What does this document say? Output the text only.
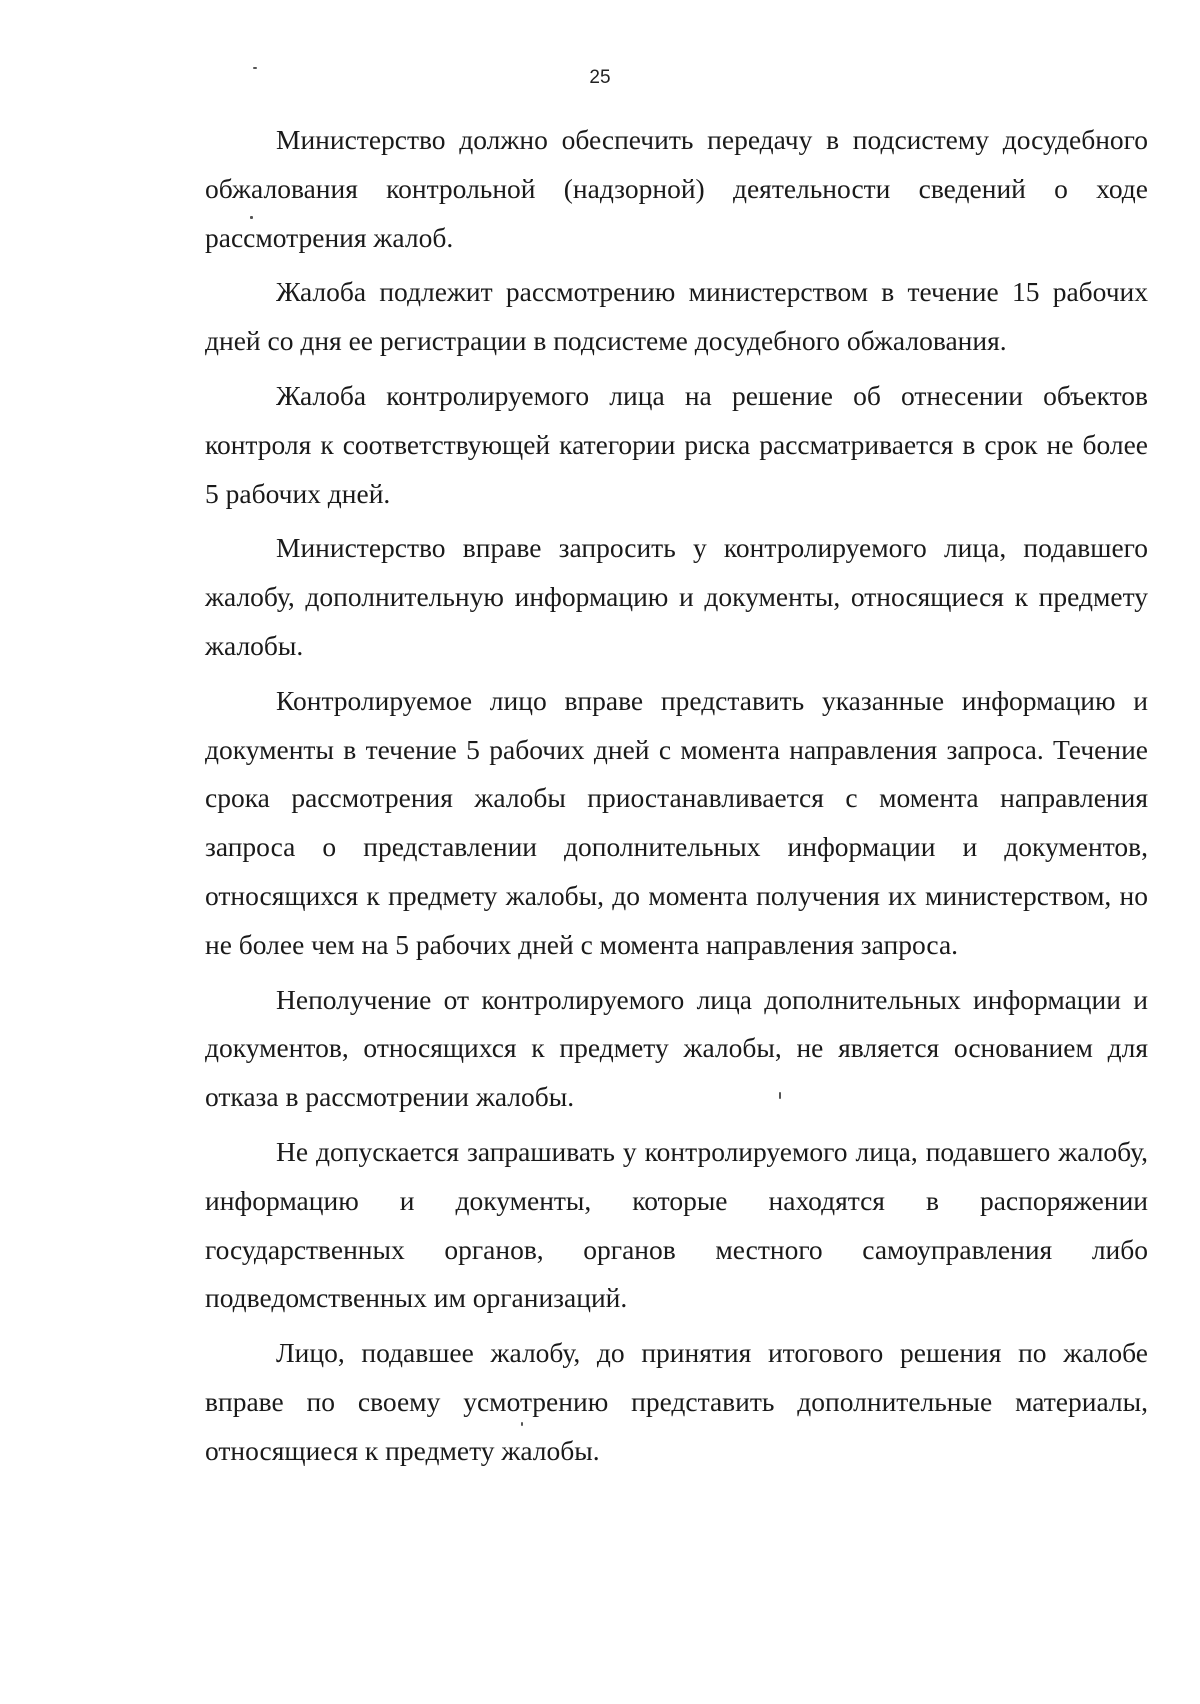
25

Министерство должно обеспечить передачу в подсистему досудебного обжалования контрольной (надзорной) деятельности сведений о ходе рассмотрения жалоб.

Жалоба подлежит рассмотрению министерством в течение 15 рабочих дней со дня ее регистрации в подсистеме досудебного обжалования.

Жалоба контролируемого лица на решение об отнесении объектов контроля к соответствующей категории риска рассматривается в срок не более 5 рабочих дней.

Министерство вправе запросить у контролируемого лица, подавшего жалобу, дополнительную информацию и документы, относящиеся к предмету жалобы.

Контролируемое лицо вправе представить указанные информацию и документы в течение 5 рабочих дней с момента направления запроса. Течение срока рассмотрения жалобы приостанавливается с момента направления запроса о представлении дополнительных информации и документов, относящихся к предмету жалобы, до момента получения их министерством, но не более чем на 5 рабочих дней с момента направления запроса.

Неполучение от контролируемого лица дополнительных информации и документов, относящихся к предмету жалобы, не является основанием для отказа в рассмотрении жалобы.

Не допускается запрашивать у контролируемого лица, подавшего жалобу, информацию и документы, которые находятся в распоряжении государственных органов, органов местного самоуправления либо подведомственных им организаций.

Лицо, подавшее жалобу, до принятия итогового решения по жалобе вправе по своему усмотрению представить дополнительные материалы, относящиеся к предмету жалобы.
